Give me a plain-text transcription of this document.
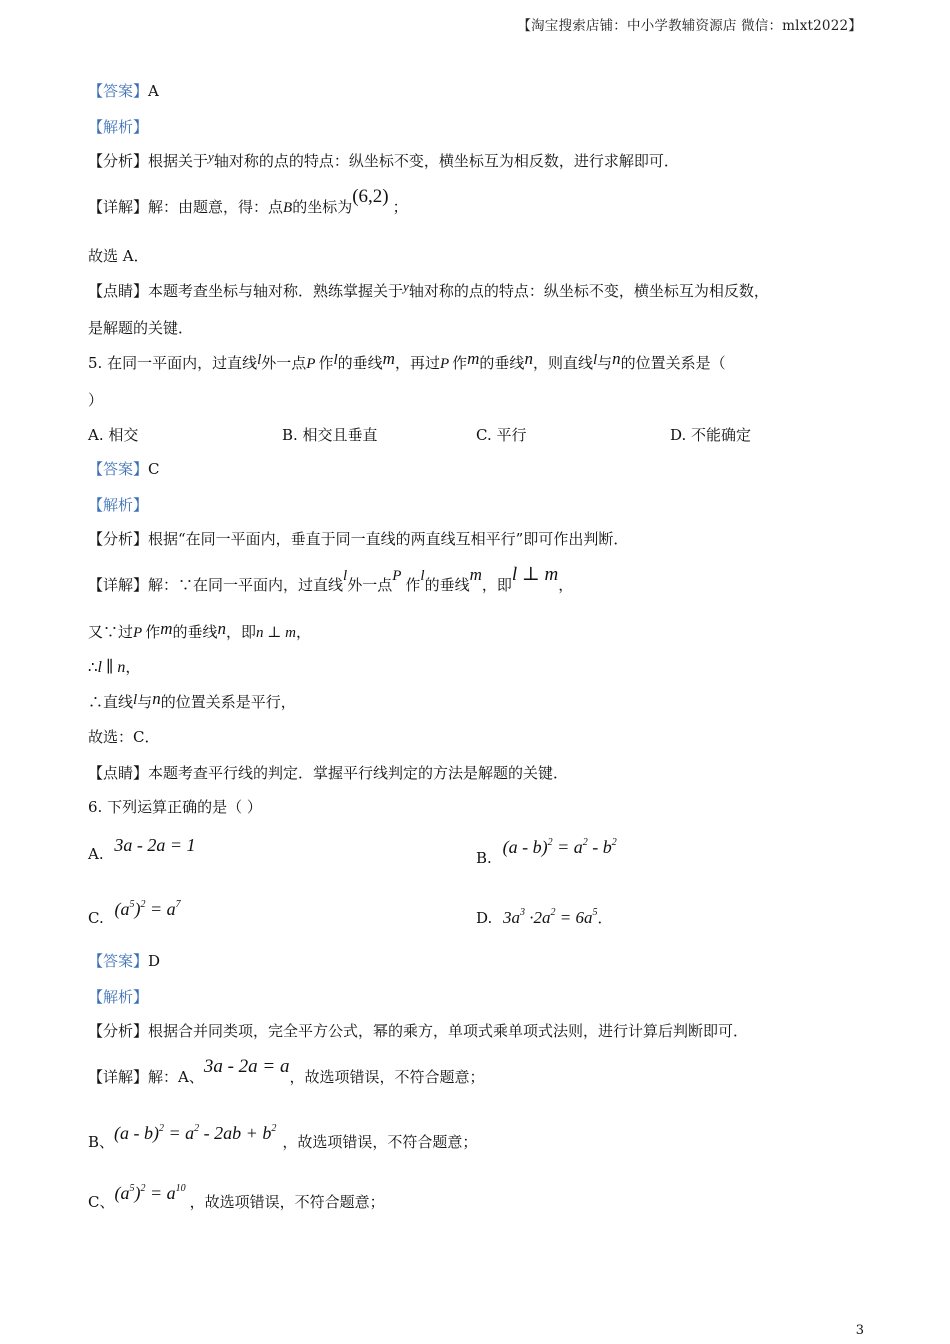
【淘宝搜索店铺：中小学教辅资源店 微信：mlxt2022】
【答案】A
【解析】
【分析】根据关于y轴对称的点的特点：纵坐标不变，横坐标互为相反数，进行求解即可．
【详解】解：由题意，得：点B的坐标为(6,2) ；
故选 A．
【点睛】本题考查坐标与轴对称．熟练掌握关于y轴对称的点的特点：纵坐标不变，横坐标互为相反数，
是解题的关键．
5. 在同一平面内，过直线l外一点P 作l的垂线m，再过P 作m的垂线n，则直线l与n的位置关系是（
）
A. 相交	B. 相交且垂直	C. 平行	D. 不能确定
【答案】C
【解析】
【分析】根据“在同一平面内，垂直于同一直线的两直线互相平行”即可作出判断．
【详解】解：∵在同一平面内，过直线l外一点P 作l的垂线m，即l ⊥ m，
又∵过P 作m的垂线n，即n ⊥ m，
∴l ∥ n，
∴直线l与n的位置关系是平行，
故选：C．
【点睛】本题考查平行线的判定．掌握平行线判定的方法是解题的关键．
6. 下列运算正确的是（ ）
A. 3a - 2a = 1
B. $(a - b)^2 = a^2 - b^2$
C. $(a^5)^2 = a^7$
D. $3a^3 \cdot 2a^2 = 6a^5$．
【答案】D
【解析】
【分析】根据合并同类项，完全平方公式，幂的乘方，单项式乘单项式法则，进行计算后判断即可．
【详解】解：A、3a - 2a = a，故选项错误，不符合题意；
B、$(a - b)^2 = a^2 - 2ab + b^2$，故选项错误，不符合题意；
C、$(a^5)^2 = a^{10}$，故选项错误，不符合题意；
3
